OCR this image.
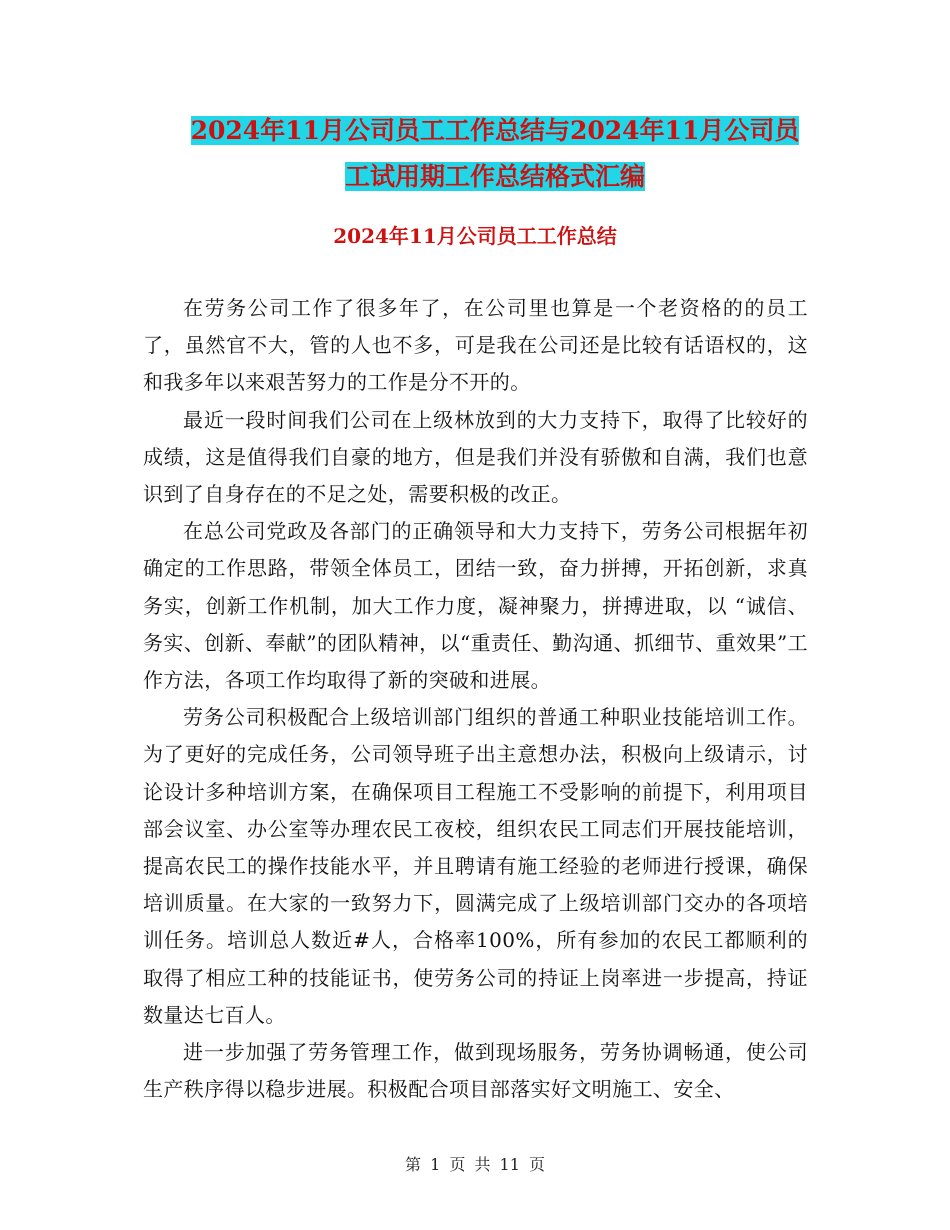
2024年11月公司员工工作总结与2024年11月公司员
工试用期工作总结格式汇编
2024年11月公司员工工作总结

在劳务公司工作了很多年了，在公司里也算是一个老资格的的员工了，虽然官不大，管的人也不多，可是我在公司还是比较有话语权的，这和我多年以来艰苦努力的工作是分不开的。

最近一段时间我们公司在上级林放到的大力支持下，取得了比较好的成绩，这是值得我们自豪的地方，但是我们并没有骄傲和自满，我们也意识到了自身存在的不足之处，需要积极的改正。

在总公司党政及各部门的正确领导和大力支持下，劳务公司根据年初确定的工作思路，带领全体员工，团结一致，奋力拼搏，开拓创新，求真务实，创新工作机制，加大工作力度，凝神聚力，拼搏进取，以 “诚信、务实、创新、奉献”的团队精神，以“重责任、勤沟通、抓细节、重效果”工作方法，各项工作均取得了新的突破和进展。

劳务公司积极配合上级培训部门组织的普通工种职业技能培训工作。为了更好的完成任务，公司领导班子出主意想办法，积极向上级请示，讨论设计多种培训方案，在确保项目工程施工不受影响的前提下，利用项目部会议室、办公室等办理农民工夜校，组织农民工同志们开展技能培训，提高农民工的操作技能水平，并且聘请有施工经验的老师进行授课，确保培训质量。在大家的一致努力下，圆满完成了上级培训部门交办的各项培训任务。培训总人数近#人，合格率100%，所有参加的农民工都顺利的取得了相应工种的技能证书，使劳务公司的持证上岗率进一步提高，持证数量达七百人。

进一步加强了劳务管理工作，做到现场服务，劳务协调畅通，使公司生产秩序得以稳步进展。积极配合项目部落实好文明施工、安全、

第 1 页 共 11 页
